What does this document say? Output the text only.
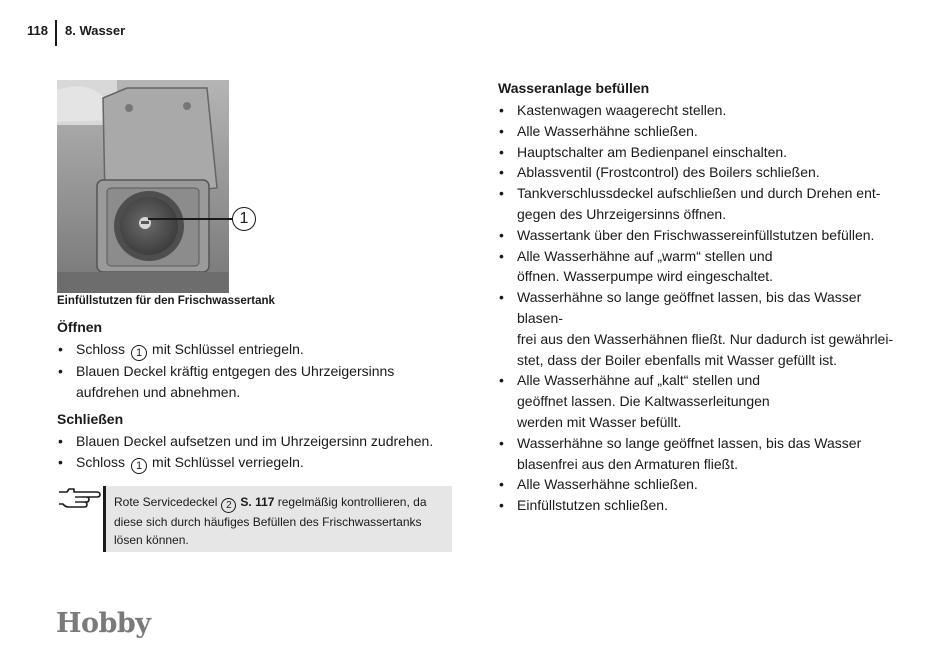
118 8. Wasser
1
Einfüllstutzen für den Frischwassertank
Öffnen
• Schloss 1 mit Schlüssel entriegeln.
• Blauen Deckel kräftig entgegen des Uhrzeigersinns aufdrehen und abnehmen.
Schließen
• Blauen Deckel aufsetzen und im Uhrzeigersinn zudrehen.
• Schloss 1 mit Schlüssel verriegeln.
Rote Servicedeckel 2 S. 117 regelmäßig kontrollieren, da
diese sich durch häufiges Befüllen des Frischwassertanks
lösen können.
Wasseranlage befüllen
• Kastenwagen waagerecht stellen.
• Alle Wasserhähne schließen.
• Hauptschalter am Bedienpanel einschalten.
• Ablassventil (Frostcontrol) des Boilers schließen.
• Tankverschlussdeckel aufschließen und durch Drehen ent-
gegen des Uhrzeigersinns öffnen.
• Wassertank über den Frischwassereinfüllstutzen befüllen.
• Alle Wasserhähne auf „warm“ stellen und
öffnen. Wasserpumpe wird eingeschaltet.
• Wasserhähne so lange geöffnet lassen, bis das Wasser blasen-
frei aus den Wasserhähnen fließt. Nur dadurch ist gewährlei-
stet, dass der Boiler ebenfalls mit Wasser gefüllt ist.
• Alle Wasserhähne auf „kalt“ stellen und
geöffnet lassen. Die Kaltwasserleitungen
werden mit Wasser befüllt.
• Wasserhähne so lange geöffnet lassen, bis das Wasser
blasenfrei aus den Armaturen fließt.
• Alle Wasserhähne schließen.
• Einfüllstutzen schließen.
Hobby
